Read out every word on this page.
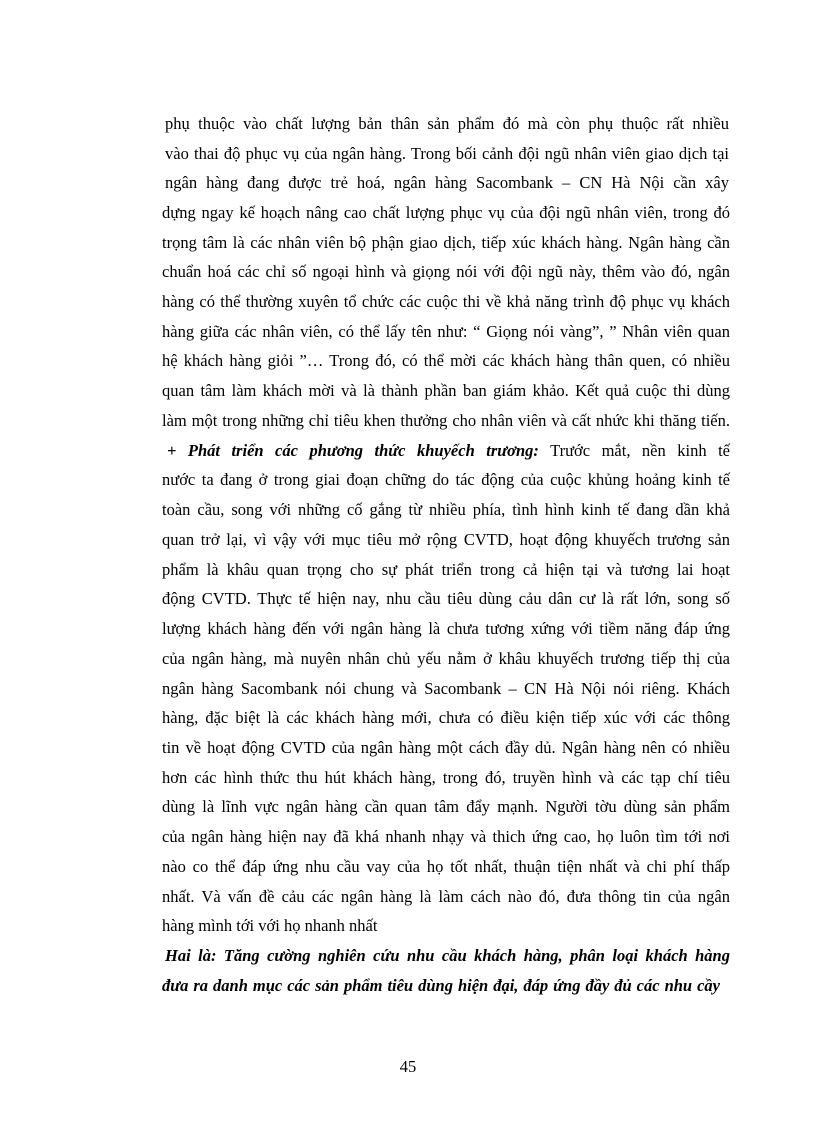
phụ thuộc vào chất lượng bản thân sản phẩm đó mà còn phụ thuộc rất nhiều
vào thai độ phục vụ của ngân hàng. Trong bối cảnh đội ngũ nhân viên giao dịch tại
ngân hàng đang được trẻ hoá, ngân hàng Sacombank – CN Hà Nội cần xây
dựng ngay kế hoạch nâng cao chất lượng phục vụ của đội ngũ nhân viên, trong đó
trọng tâm là các nhân viên bộ phận giao dịch, tiếp xúc khách hàng. Ngân hàng cần
chuẩn hoá các chỉ số ngoại hình và giọng nói với đội ngũ này, thêm vào đó, ngân
hàng có thể thường xuyên tổ chức các cuộc thi về khả năng trình độ phục vụ khách
hàng giữa các nhân viên, có thể lấy tên như: “ Giọng nói vàng”, ” Nhân viên quan
hệ khách hàng giỏi ”… Trong đó, có thể mời các khách hàng thân quen, có nhiều
quan tâm làm khách mời và là thành phần ban giám khảo. Kết quả cuộc thi dùng
làm một trong những chỉ tiêu khen thưởng cho nhân viên và cất nhức khi thăng tiến.
+ Phát triển các phương thức khuyếch trương: Trước mắt, nền kinh tế
nước ta đang ở trong giai đoạn chững do tác động của cuộc khủng hoảng kinh tế
toàn cầu, song với những cố gắng từ nhiều phía, tình hình kinh tế đang dần khả
quan trở lại, vì vậy với mục tiêu mở rộng CVTD, hoạt động khuyếch trương sản
phẩm là khâu quan trọng cho sự phát triển trong cả hiện tại và tương lai hoạt
động CVTD. Thực tế hiện nay, nhu cầu tiêu dùng cảu dân cư là rất lớn, song số
lượng khách hàng đến với ngân hàng là chưa tương xứng với tiềm năng đáp ứng
của ngân hàng, mà nuyên nhân chủ yếu nằm ở khâu khuyếch trương tiếp thị của
ngân hàng Sacombank nói chung và Sacombank – CN Hà Nội nói riêng. Khách
hàng, đặc biệt là các khách hàng mới, chưa có điều kiện tiếp xúc với các thông
tin về hoạt động CVTD của ngân hàng một cách đầy dủ. Ngân hàng nên có nhiều
hơn các hình thức thu hút khách hàng, trong đó, truyền hình và các tạp chí tiêu
dùng là lĩnh vực ngân hàng cần quan tâm đẩy mạnh. Người tờu dùng sản phẩm
của ngân hàng hiện nay đã khá nhanh nhạy và thich ứng cao, họ luôn tìm tới nơi
nào co thể đáp ứng nhu cầu vay của họ tốt nhất, thuận tiện nhất và chi phí thấp
nhất. Và vấn đề cảu các ngân hàng là làm cách nào đó, đưa thông tin của ngân
hàng mình tới với họ nhanh nhất
Hai là: Tăng cường nghiên cứu nhu cầu khách hàng, phân loại khách hàng
đưa ra danh mục các sản phẩm tiêu dùng hiện đại, đáp ứng đầy đủ các nhu cầy
45
